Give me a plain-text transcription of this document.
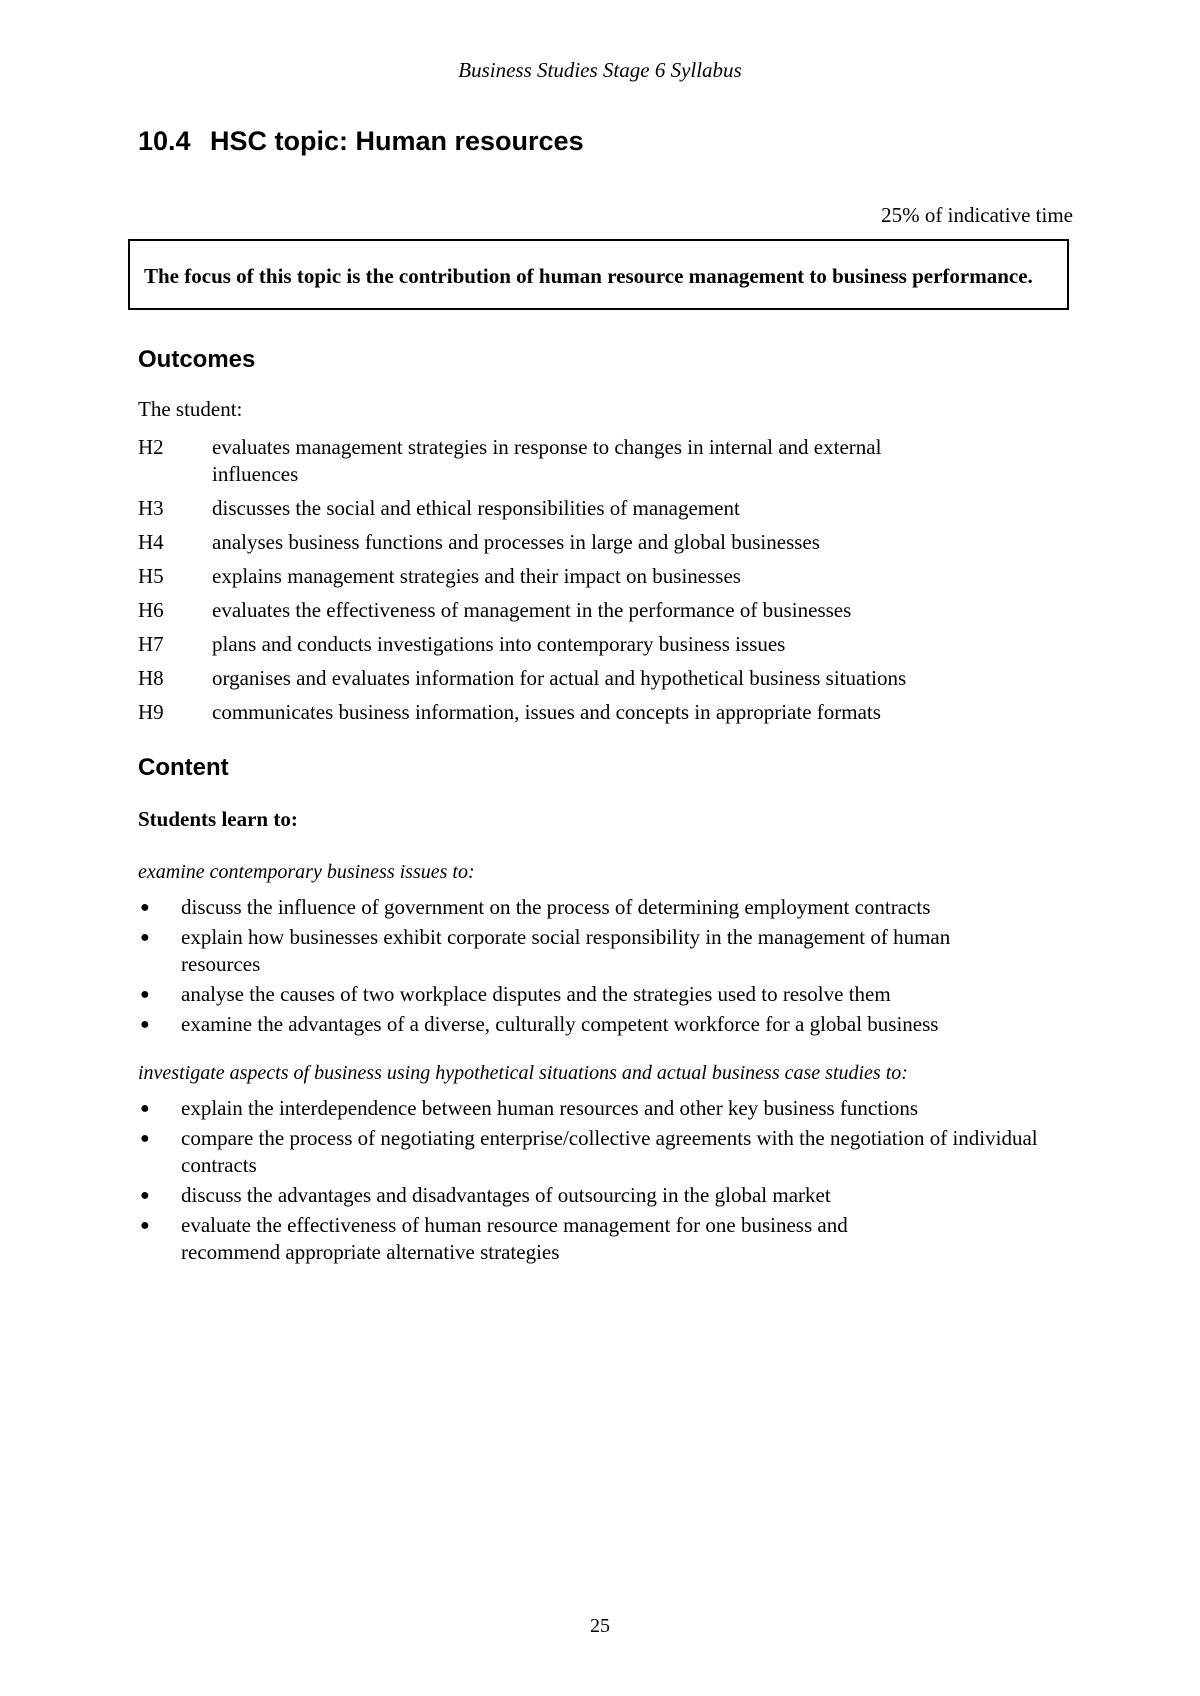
Business Studies Stage 6 Syllabus
10.4 HSC topic: Human resources
25% of indicative time
The focus of this topic is the contribution of human resource management to business performance.
Outcomes
The student:
H2	evaluates management strategies in response to changes in internal and external influences
H3	discusses the social and ethical responsibilities of management
H4	analyses business functions and processes in large and global businesses
H5	explains management strategies and their impact on businesses
H6	evaluates the effectiveness of management in the performance of businesses
H7	plans and conducts investigations into contemporary business issues
H8	organises and evaluates information for actual and hypothetical business situations
H9	communicates business information, issues and concepts in appropriate formats
Content
Students learn to:
examine contemporary business issues to:
●	discuss the influence of government on the process of determining employment contracts
●	explain how businesses exhibit corporate social responsibility in the management of human resources
●	analyse the causes of two workplace disputes and the strategies used to resolve them
●	examine the advantages of a diverse, culturally competent workforce for a global business
investigate aspects of business using hypothetical situations and actual business case studies to:
●	explain the interdependence between human resources and other key business functions
●	compare the process of negotiating enterprise/collective agreements with the negotiation of individual contracts
●	discuss the advantages and disadvantages of outsourcing in the global market
●	evaluate the effectiveness of human resource management for one business and recommend appropriate alternative strategies
25
